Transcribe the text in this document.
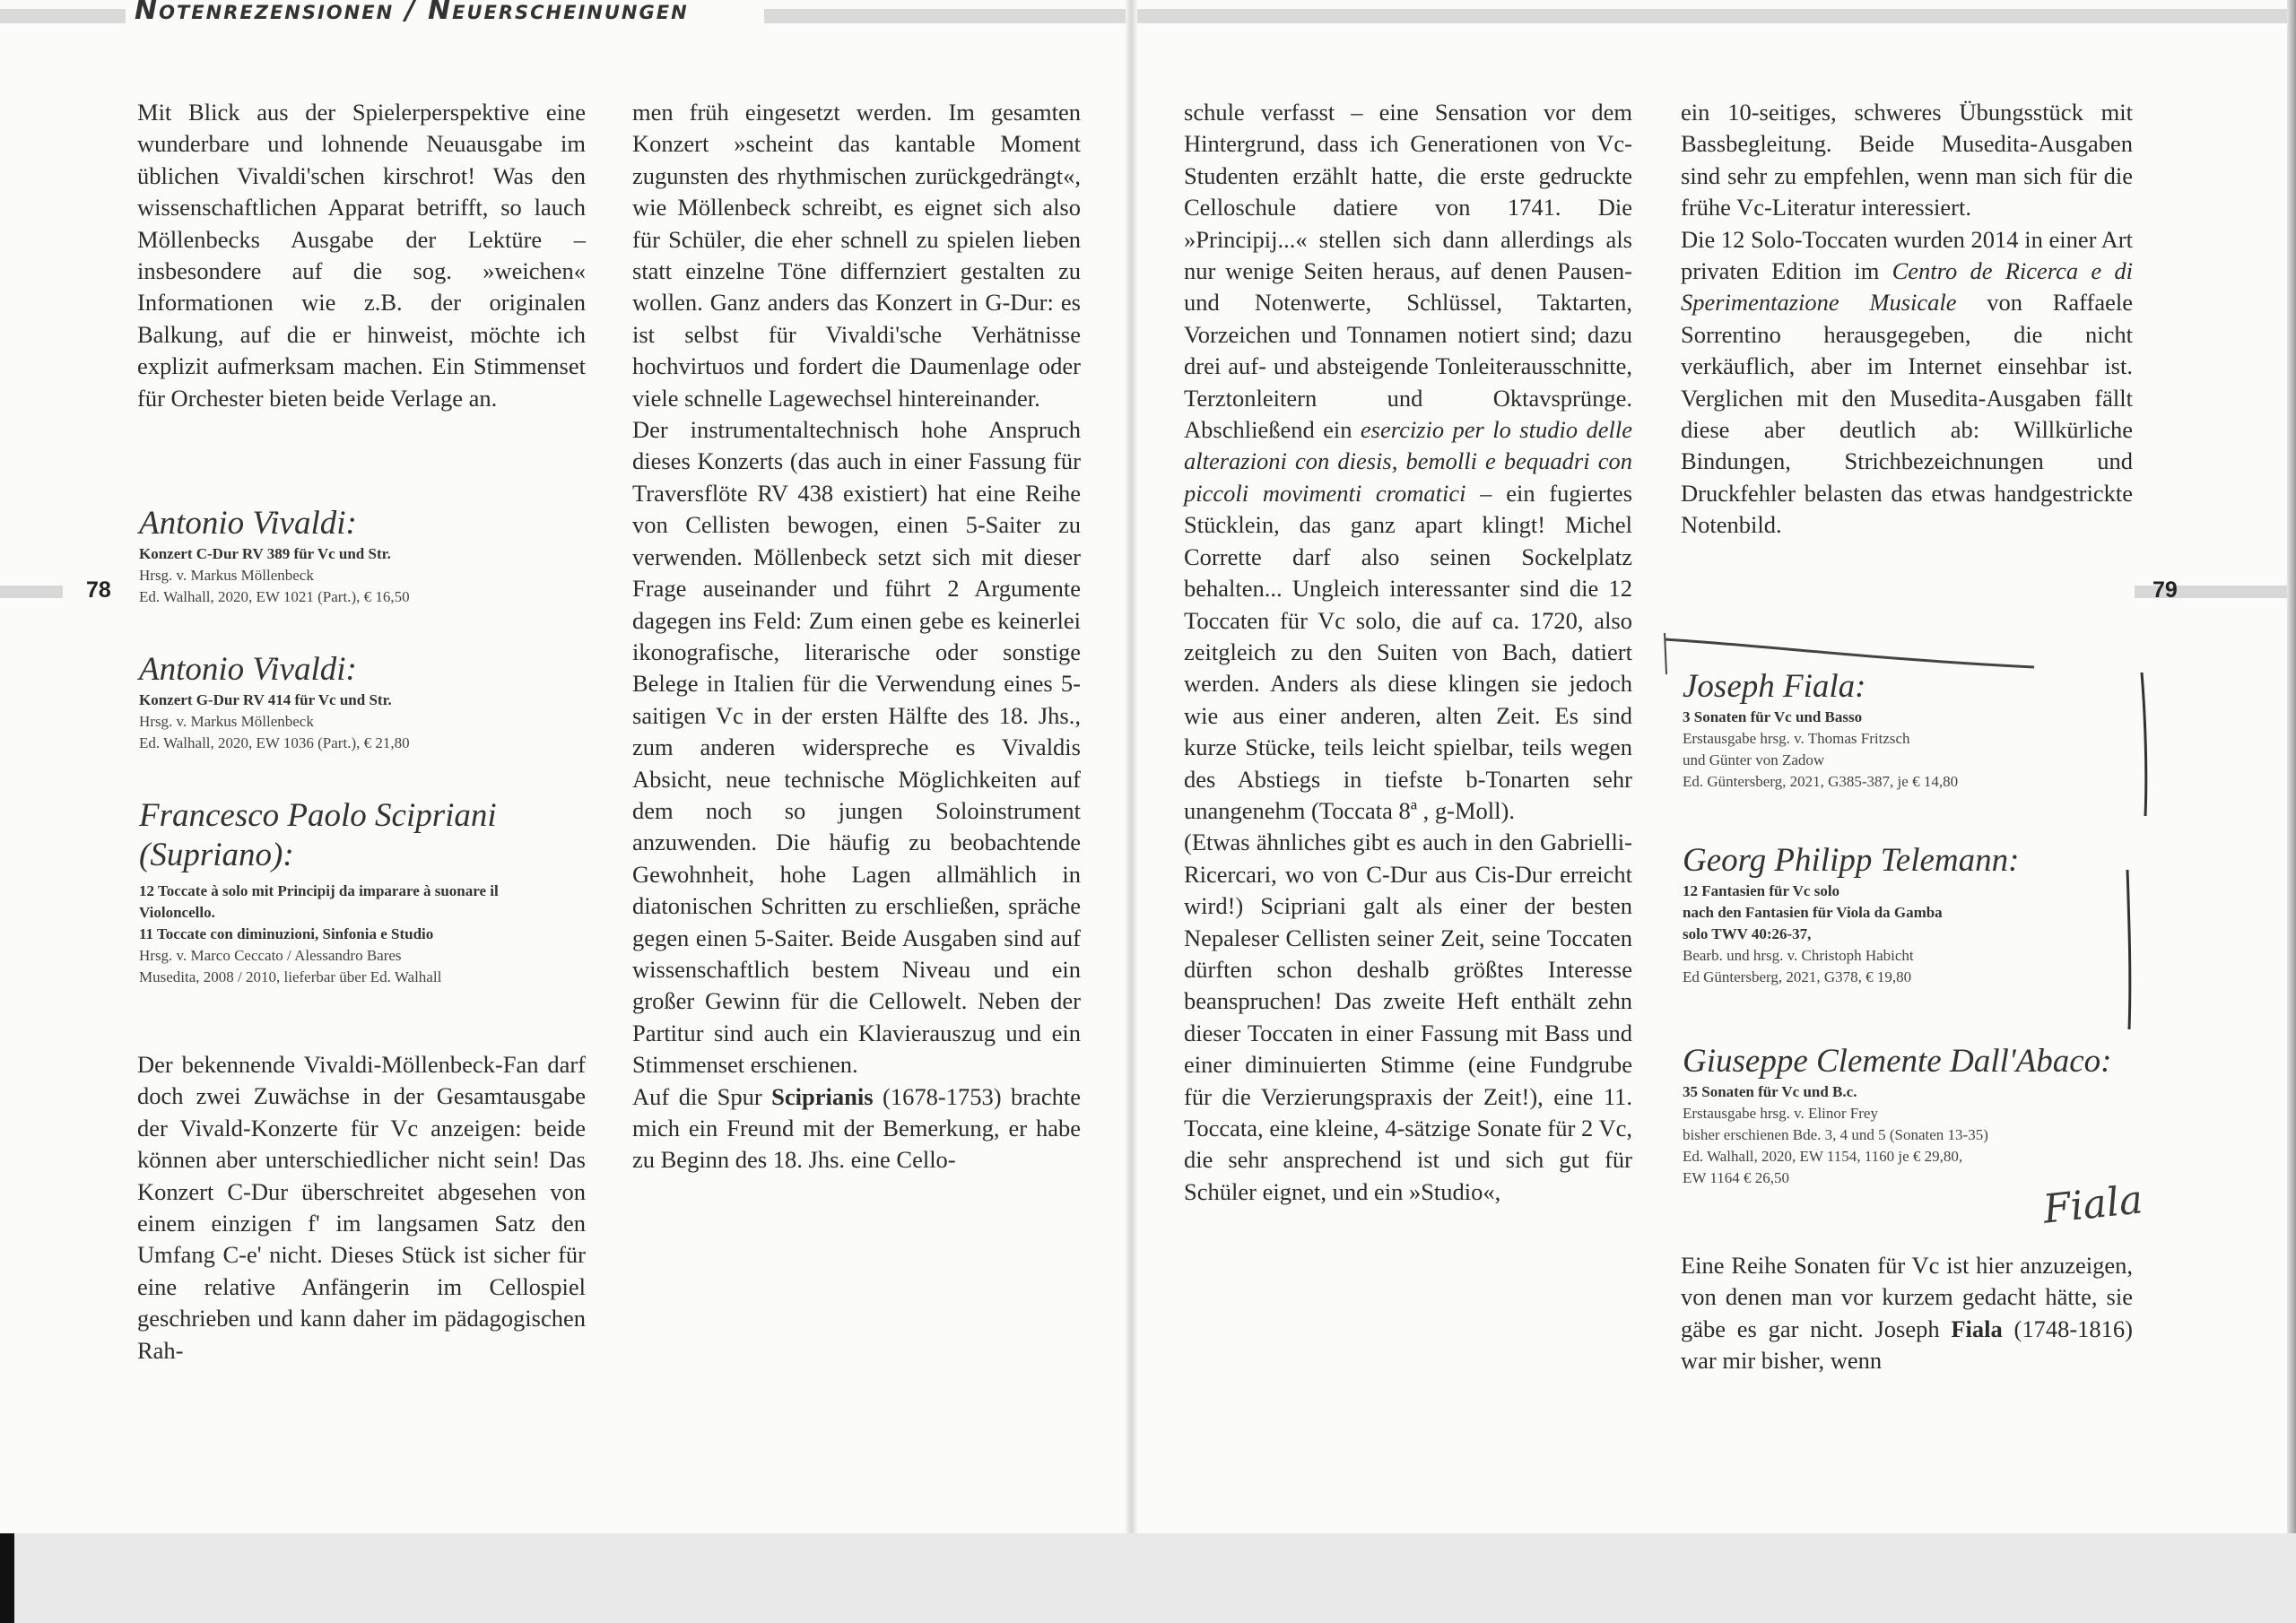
Notenrezensionen / Neuerscheinungen
78

Mit Blick aus der Spielerperspektive eine wunderbare und lohnende Neuausgabe im üblichen Vivaldi'schen kirschrot! Was den wissenschaftlichen Apparat betrifft, so lauch Möllenbecks Ausgabe der Lektüre – insbesondere auf die sog. »weichen« Informationen wie z.B. der originalen Balkung, auf die er hinweist, möchte ich explizit aufmerksam machen. Ein Stimmenset für Orchester bieten beide Verlage an.

Antonio Vivaldi:

Konzert C-Dur RV 389 für Vc und Str.

Hrsg. v. Markus Möllenbeck

Ed. Walhall, 2020, EW 1021 (Part.), € 16,50

Antonio Vivaldi:

Konzert G-Dur RV 414 für Vc und Str.

Hrsg. v. Markus Möllenbeck

Ed. Walhall, 2020, EW 1036 (Part.), € 21,80

Francesco Paolo Scipriani (Supriano):

12 Toccate à solo mit Principij da imparare à suonare il Violoncello.

11 Toccate con diminuzioni, Sinfonia e Studio

Hrsg. v. Marco Ceccato / Alessandro Bares

Musedita, 2008 / 2010, lieferbar über Ed. Walhall

Der bekennende Vivaldi-Möllenbeck-Fan darf doch zwei Zuwächse in der Gesamtausgabe der Vivald-Konzerte für Vc anzeigen: beide können aber unterschiedlicher nicht sein! Das Konzert C-Dur überschreitet abgesehen von einem einzigen f' im langsamen Satz den Umfang C-e' nicht. Dieses Stück ist sicher für eine relative Anfängerin im Cellospiel geschrieben und kann daher im pädagogischen Rah-

men früh eingesetzt werden. Im gesamten Konzert »scheint das kantable Moment zugunsten des rhythmischen zurückgedrängt«, wie Möllenbeck schreibt, es eignet sich also für Schüler, die eher schnell zu spielen lieben statt einzelne Töne differnziert gestalten zu wollen. Ganz anders das Konzert in G-Dur: es ist selbst für Vivaldi'sche Verhätnisse hochvirtuos und fordert die Daumenlage oder viele schnelle Lagewechsel hintereinander.

Der instrumentaltechnisch hohe Anspruch dieses Konzerts (das auch in einer Fassung für Traversflöte RV 438 existiert) hat eine Reihe von Cellisten bewogen, einen 5-Saiter zu verwenden. Möllenbeck setzt sich mit dieser Frage auseinander und führt 2 Argumente dagegen ins Feld: Zum einen gebe es keinerlei ikonografische, literarische oder sonstige Belege in Italien für die Verwendung eines 5-saitigen Vc in der ersten Hälfte des 18. Jhs., zum anderen widerspreche es Vivaldis Absicht, neue technische Möglichkeiten auf dem noch so jungen Soloinstrument anzuwenden. Die häufig zu beobachtende Gewohnheit, hohe Lagen allmählich in diatonischen Schritten zu erschließen, spräche gegen einen 5-Saiter. Beide Ausgaben sind auf wissenschaftlich bestem Niveau und ein großer Gewinn für die Cellowelt. Neben der Partitur sind auch ein Klavierauszug und ein Stimmenset erschienen.

Auf die Spur Sciprianis (1678-1753) brachte mich ein Freund mit der Bemerkung, er habe zu Beginn des 18. Jhs. eine Cello-

schule verfasst – eine Sensation vor dem Hintergrund, dass ich Generationen von Vc-Studenten erzählt hatte, die erste gedruckte Celloschule datiere von 1741. Die »Principij...« stellen sich dann allerdings als nur wenige Seiten heraus, auf denen Pausen- und Notenwerte, Schlüssel, Taktarten, Vorzeichen und Tonnamen notiert sind; dazu drei auf- und absteigende Tonleiterausschnitte, Terztonleitern und Oktavsprünge. Abschließend ein esercizio per lo studio delle alterazioni con diesis, bemolli e bequadri con piccoli movimenti cromatici – ein fugiertes Stücklein, das ganz apart klingt! Michel Corrette darf also seinen Sockelplatz behalten... Ungleich interessanter sind die 12 Toccaten für Vc solo, die auf ca. 1720, also zeitgleich zu den Suiten von Bach, datiert werden. Anders als diese klingen sie jedoch wie aus einer anderen, alten Zeit. Es sind kurze Stücke, teils leicht spielbar, teils wegen des Abstiegs in tiefste b-Tonarten sehr unangenehm (Toccata 8ª , g-Moll).

(Etwas ähnliches gibt es auch in den Gabrielli-Ricercari, wo von C-Dur aus Cis-Dur erreicht wird!) Scipriani galt als einer der besten Nepaleser Cellisten seiner Zeit, seine Toccaten dürften schon deshalb größtes Interesse beanspruchen! Das zweite Heft enthält zehn dieser Toccaten in einer Fassung mit Bass und einer diminuierten Stimme (eine Fundgrube für die Verzierungspraxis der Zeit!), eine 11. Toccata, eine kleine, 4-sätzige Sonate für 2 Vc, die sehr ansprechend ist und sich gut für Schüler eignet, und ein »Studio«,

ein 10-seitiges, schweres Übungsstück mit Bassbegleitung. Beide Musedita-Ausgaben sind sehr zu empfehlen, wenn man sich für die frühe Vc-Literatur interessiert.

Die 12 Solo-Toccaten wurden 2014 in einer Art privaten Edition im Centro de Ricerca e di Sperimentazione Musicale von Raffaele Sorrentino herausgegeben, die nicht verkäuflich, aber im Internet einsehbar ist. Verglichen mit den Musedita-Ausgaben fällt diese aber deutlich ab: Willkürliche Bindungen, Strichbezeichnungen und Druckfehler belasten das etwas handgestrickte Notenbild.

79

Joseph Fiala:

3 Sonaten für Vc und Basso

Erstausgabe hrsg. v. Thomas Fritzsch

und Günter von Zadow

Ed. Güntersberg, 2021, G385-387, je € 14,80

Georg Philipp Telemann:

12 Fantasien für Vc solo

nach den Fantasien für Viola da Gamba

solo TWV 40:26-37,

Bearb. und hrsg. v. Christoph Habicht

Ed Güntersberg, 2021, G378, € 19,80

Giuseppe Clemente Dall'Abaco:

35 Sonaten für Vc und B.c.

Erstausgabe hrsg. v. Elinor Frey

bisher erschienen Bde. 3, 4 und 5 (Sonaten 13-35)

Ed. Walhall, 2020, EW 1154, 1160 je € 29,80,

EW 1164 € 26,50	Fiala

Eine Reihe Sonaten für Vc ist hier anzuzeigen, von denen man vor kurzem gedacht hätte, sie gäbe es gar nicht. Joseph Fiala (1748-1816) war mir bisher, wenn
